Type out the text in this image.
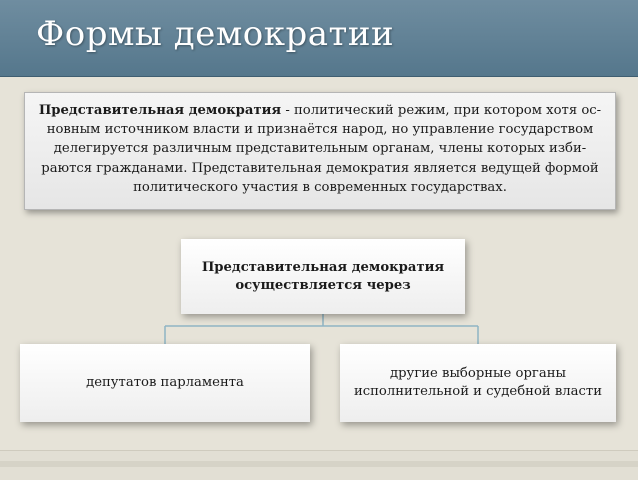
Формы демократии
Представительная демократия - политический режим, при котором хотя ос-новным источником власти и признаётся народ, но управление государством делегируется различным представительным органам, члены которых изби-раются гражданами. Представительная демократия является ведущей формой политического участия в современных государствах.
Представительная демократия
осуществляется через
депутатов парламента
другие выборные органы
исполнительной и судебной власти
